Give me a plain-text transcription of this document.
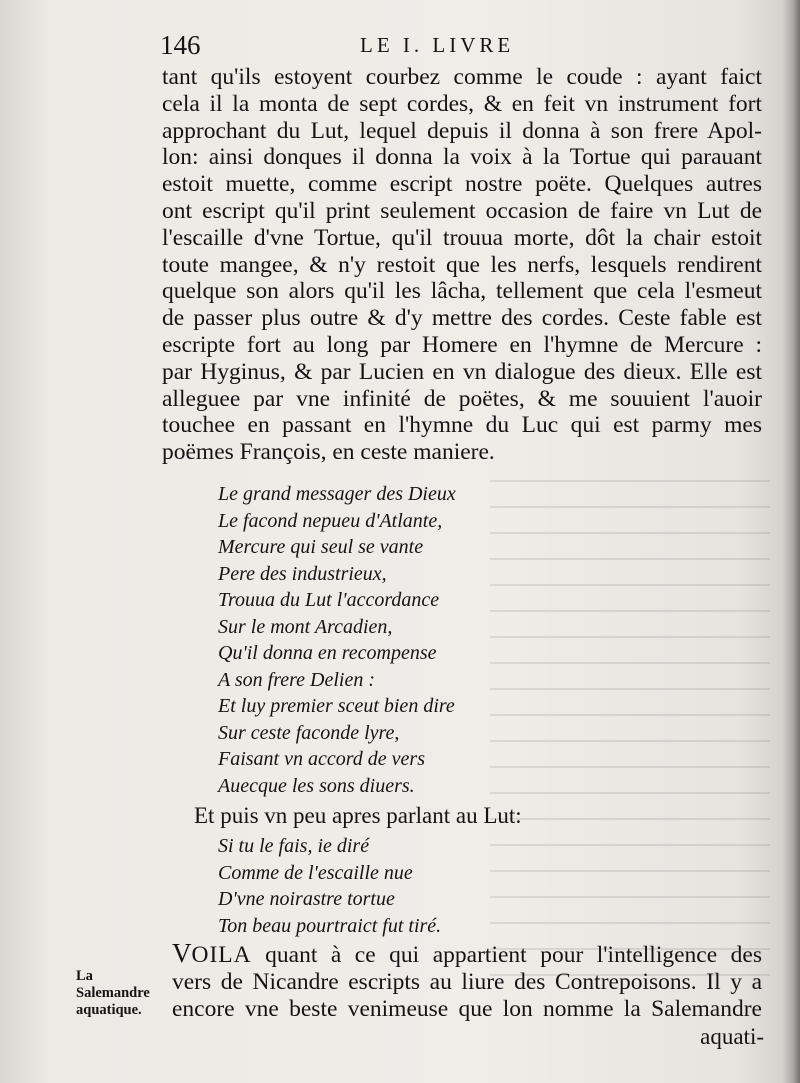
146	LE I. LIVRE
tant qu'ils estoyent courbez comme le coude : ayant faict
cela il la monta de sept cordes, & en feit vn instrument fort
approchant du Lut, lequel depuis il donna à son frere Apol-
lon: ainsi donques il donna la voix à la Tortue qui parauant
estoit muette, comme escript nostre poëte. Quelques autres
ont escript qu'il print seulement occasion de faire vn Lut de
l'escaille d'vne Tortue, qu'il trouua morte, dôt la chair estoit
toute mangee, & n'y restoit que les nerfs, lesquels rendirent
quelque son alors qu'il les lâcha, tellement que cela l'esmeut
de passer plus outre & d'y mettre des cordes. Ceste fable est
escripte fort au long par Homere en l'hymne de Mercure :
par Hyginus, & par Lucien en vn dialogue des dieux. Elle est
alleguee par vne infinité de poëtes, & me souuient l'auoir
touchee en passant en l'hymne du Luc qui est parmy mes
poëmes François, en ceste maniere.
Le grand messager des Dieux
Le facond nepueu d'Atlante,
Mercure qui seul se vante
Pere des industrieux,
Trouua du Lut l'accordance
Sur le mont Arcadien,
Qu'il donna en recompense
A son frere Delien :
Et luy premier sceut bien dire
Sur ceste faconde lyre,
Faisant vn accord de vers
Auecque les sons diuers.
Et puis vn peu apres parlant au Lut:
Si tu le fais, ie diré
Comme de l'escaille nue
D'vne noirastre tortue
Ton beau pourtraict fut tiré.
VOILA quant à ce qui appartient pour l'intelligence des
vers de Nicandre escripts au liure des Contrepoisons. Il y a
encore vne beste venimeuse que lon nomme la Salemandre
La Salemandre aquatique.
aquati-
